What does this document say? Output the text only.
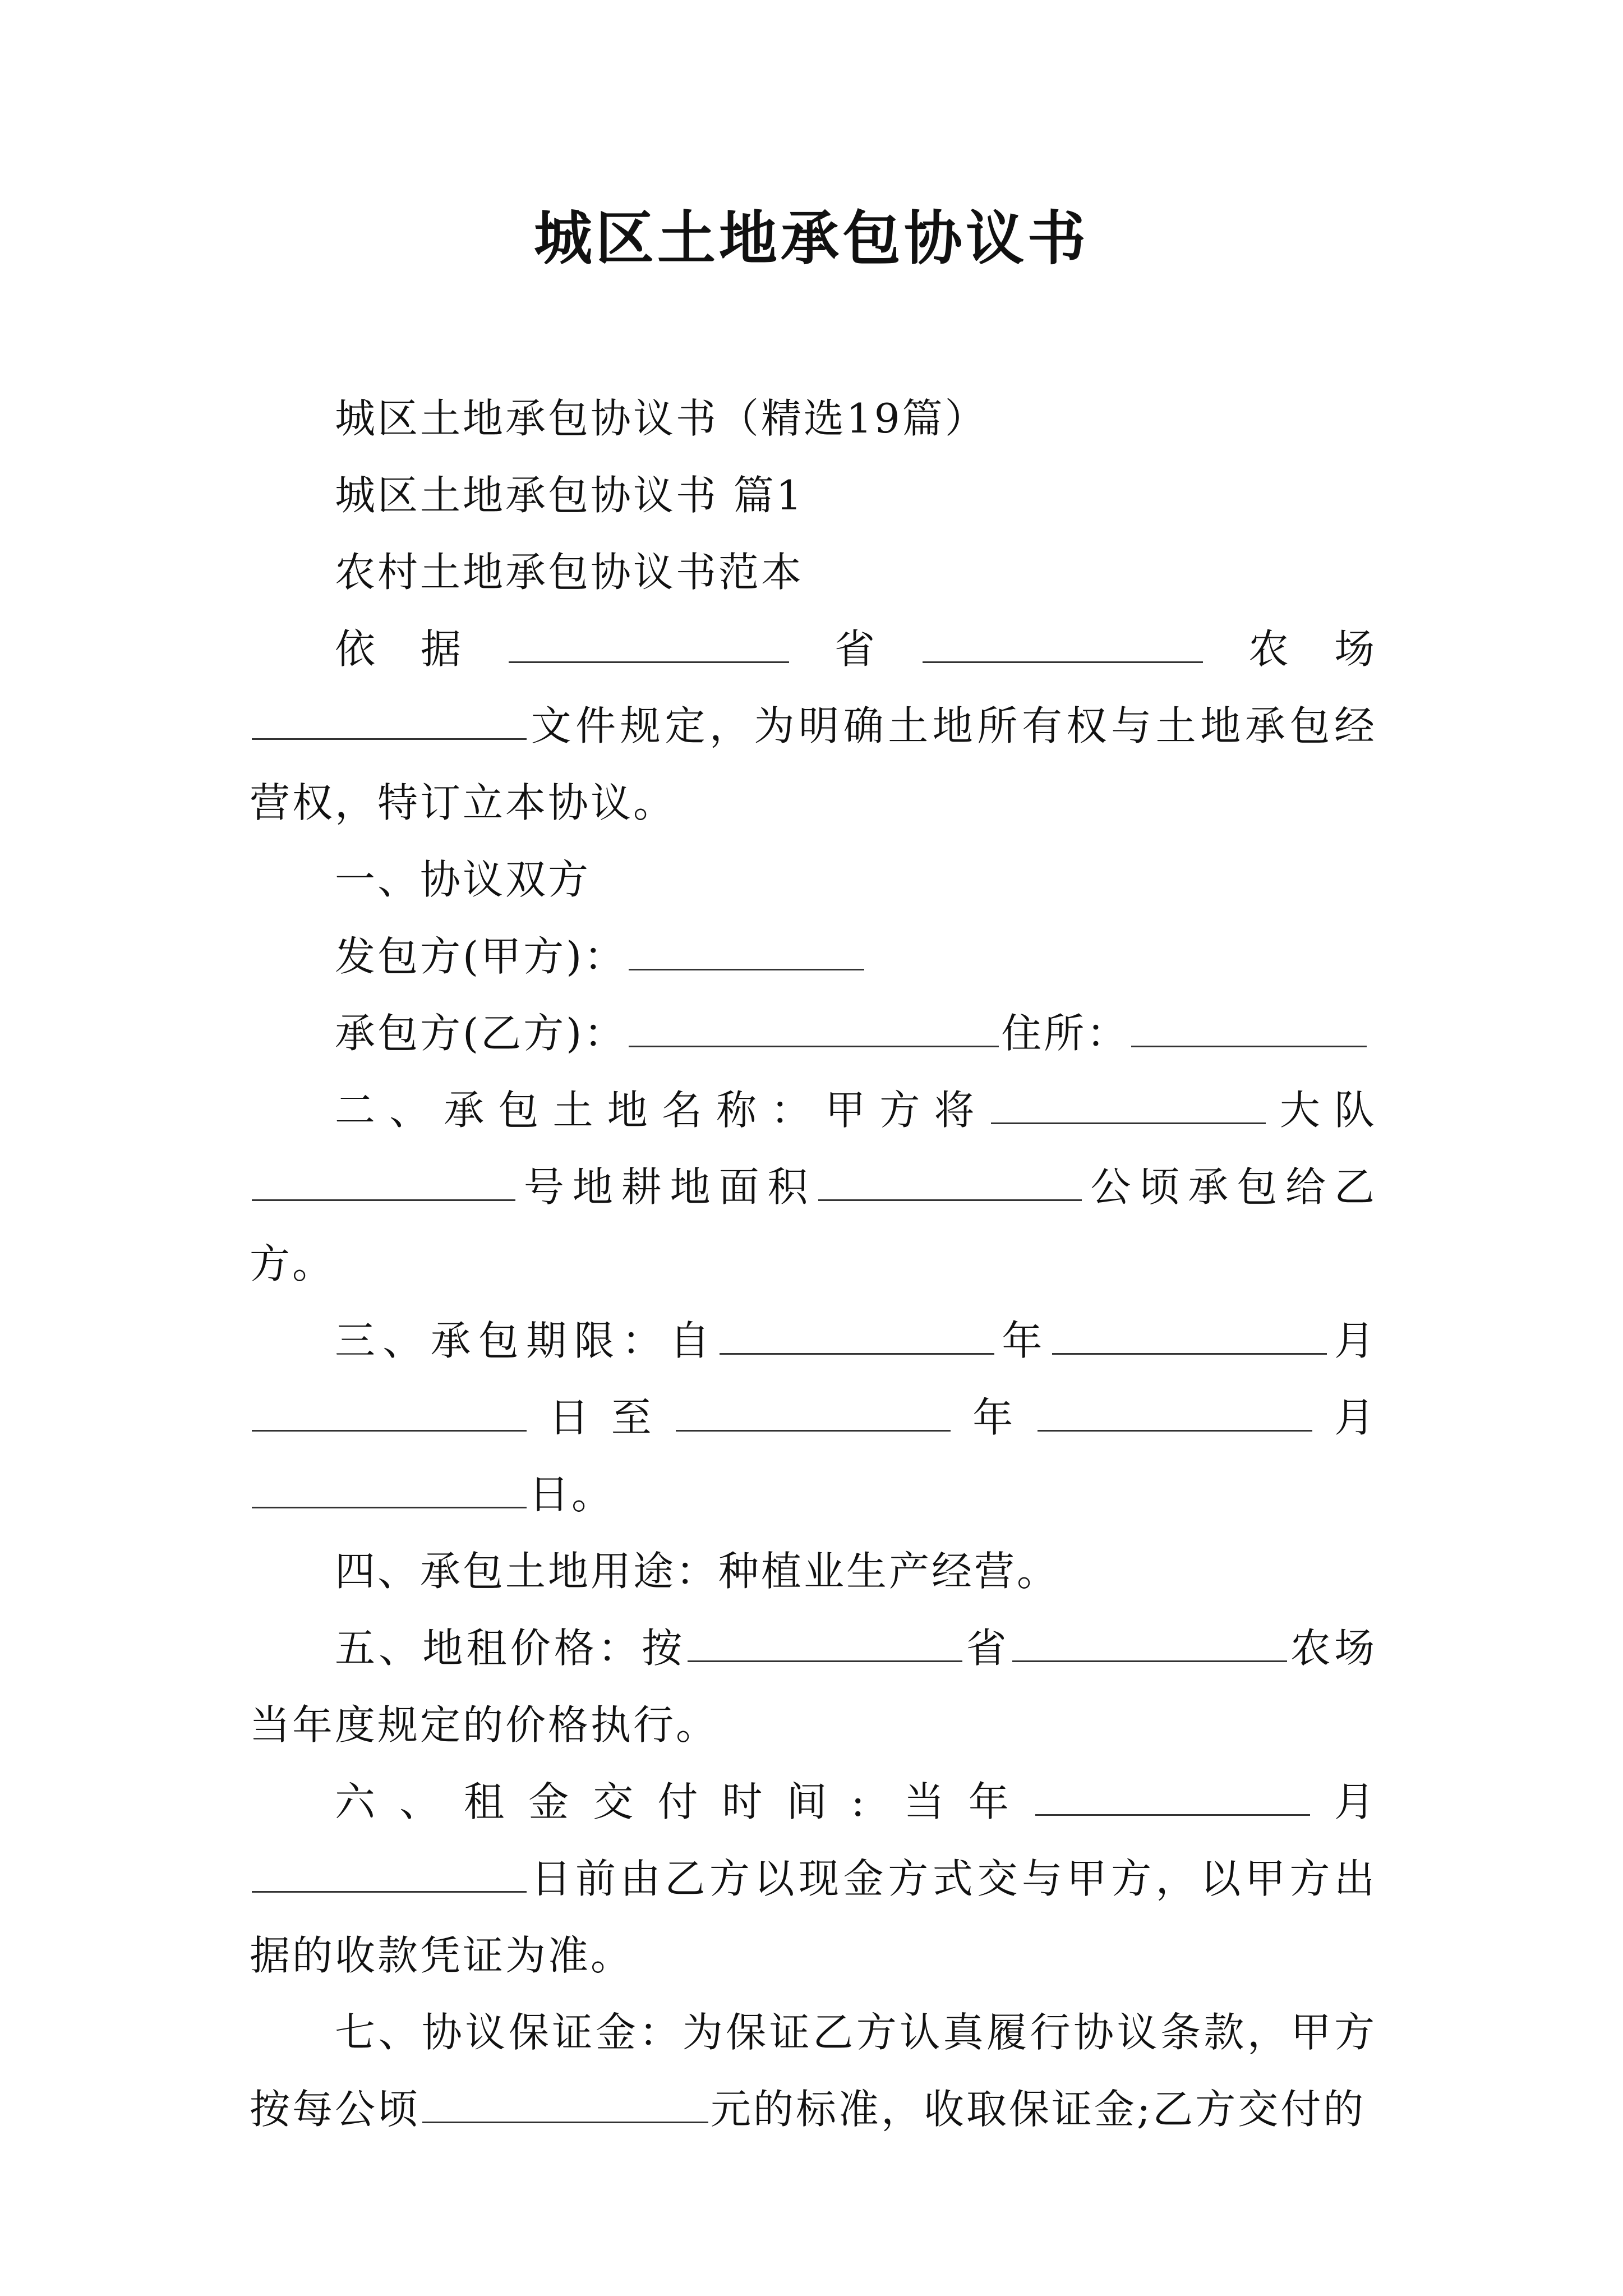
城区土地承包协议书

城区土地承包协议书（精选19篇）

城区土地承包协议书 篇1

农村土地承包协议书范本

依据	省	农场文件规定，为明确土地所有权与土地承包经营权，特订立本协议。

一、协议双方

发包方(甲方)：

承包方(乙方)：	住所：

二、承包土地名称：甲方将	大队号地耕地面积	公顷承包给乙方。

三、承包期限：自	年	月日至	年	月日。

四、承包土地用途：种植业生产经营。

五、地租价格：按	省	农场当年度规定的价格执行。

六、租金交付时间: 当年	月日前由乙方以现金方式交与甲方，以甲方出据的收款凭证为准。

七、协议保证金：为保证乙方认真履行协议条款，甲方按每公顷	元的标准，收取保证金;乙方交付的
